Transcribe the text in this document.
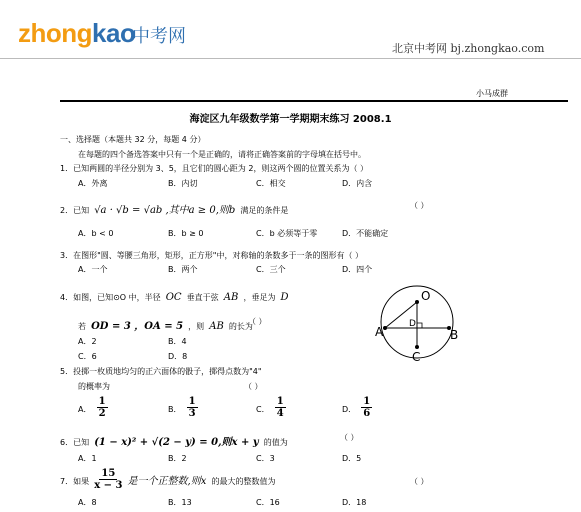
zhongkao
中考网
北京中考网 bj.zhongkao.com
小马成群
海淀区九年级数学第一学期期末练习 2008.1
一、选择题（本题共 32 分，每题 4 分）
在每题的四个备选答案中只有一个是正确的，请将正确答案前的字母填在括号中。
1．已知两圆的半径分别为 3、5，且它们的圆心距为 2，则这两个圆的位置关系为（ ）
A．外离	B．内切	C．相交	D．内含
2．已知 √a · √b = √ab ,其中a ≥ 0,则b 满足的条件是
（ ）
A．b < 0	B．b ≥ 0	C．b 必须等于零	D．不能确定
3．在图形"圆、等腰三角形，矩形，正方形"中，对称轴的条数多于一条的图形有（ ）
A．一个	B．两个	C．三个	D．四个
4．如图，已知⊙O 中，半径 OC 垂直于弦 AB ，垂足为 D
若 OD = 3 ，OA = 5 ，则 AB 的长为
（ ）
A．2	B．4
C．6	D．8
O
D
A	B
C
5．投掷一枚质地均匀的正六面体的骰子，掷得点数为"4"
的概率为	（ ）
A． $\frac{1}{2}$	B． $\frac{1}{3}$	C． $\frac{1}{4}$	D． $\frac{1}{6}$
6．已知 (1 − x)² + √(2 − y) = 0,则x + y 的值为
（ ）
A．1	B．2	C．3	D．5
7．如果 $\frac{15}{x - 3}$ 是一个正整数,则x 的最大的整数值为	（ ）
A．8	B．13	C．16	D．18
